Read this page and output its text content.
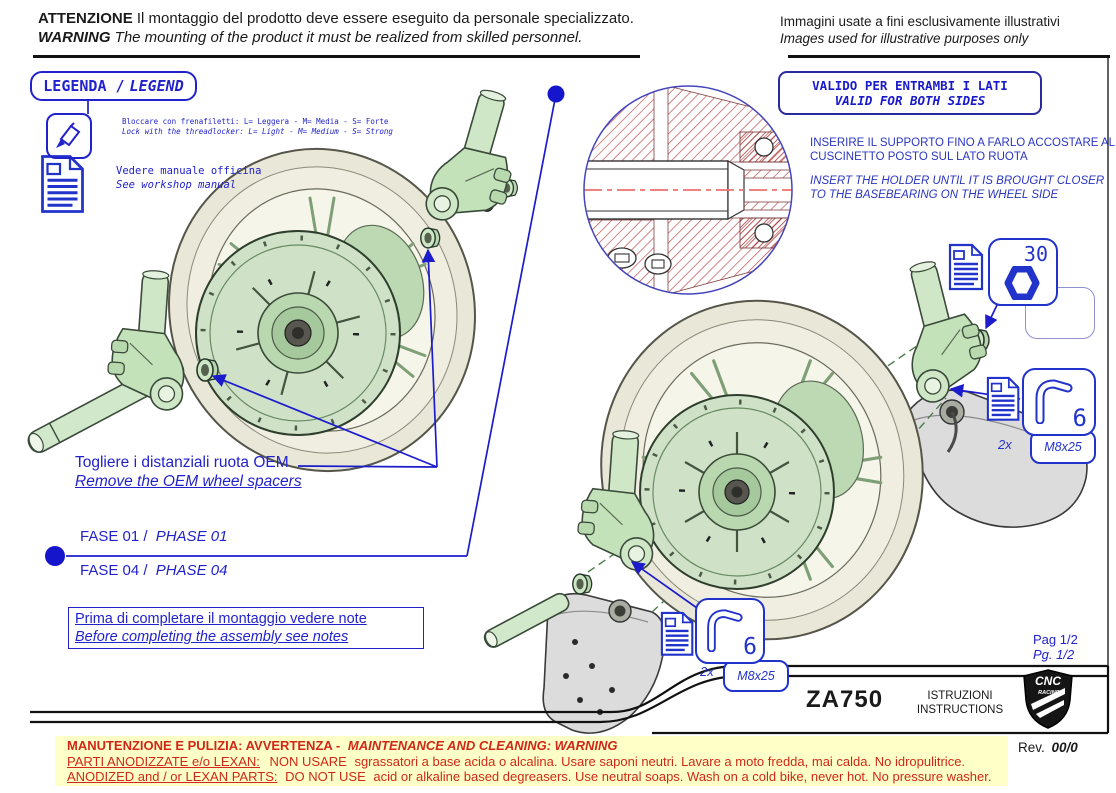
CNC
RACING
ATTENZIONE Il montaggio del prodotto deve essere eseguito da personale specializzato.
WARNING The mounting of the product it must be realized from skilled personnel.
Immagini usate a fini esclusivamente illustrativi
Images used for illustrative purposes only
LEGENDA / LEGEND
Bloccare con frenafiletti: L= Leggera - M= Media - S= Forte
Lock with the threadlocker: L= Light - M= Medium - S= Strong
Vedere manuale officina
See workshop manual
VALIDO PER ENTRAMBI I LATI
VALID FOR BOTH SIDES
INSERIRE IL SUPPORTO FINO A FARLO ACCOSTARE AL CUSCINETTO POSTO SUL LATO RUOTA
INSERT THE HOLDER UNTIL IT IS BROUGHT CLOSER TO THE BASEBEARING ON THE WHEEL SIDE
Togliere i distanziali ruota OEM
Remove the OEM wheel spacers
FASE 01 / PHASE 01
FASE 04 / PHASE 04
Prima di completare il montaggio vedere note
Before completing the assembly see notes
30
M8x25
6
2x
M8x25
6
2x
Pag 1/2
Pg. 1/2
ZA750	ISTRUZIONI
INSTRUCTIONS
Rev. 00/0
MANUTENZIONE E PULIZIA: AVVERTENZA - MAINTENANCE AND CLEANING: WARNING
PARTI ANODIZZATE e/o LEXAN: NON USARE sgrassatori a base acida o alcalina. Usare saponi neutri. Lavare a moto fredda, mai calda. No idropulitrice.
ANODIZED and / or LEXAN PARTS: DO NOT USE acid or alkaline based degreasers. Use neutral soaps. Wash on a cold bike, never hot. No pressure washer.
